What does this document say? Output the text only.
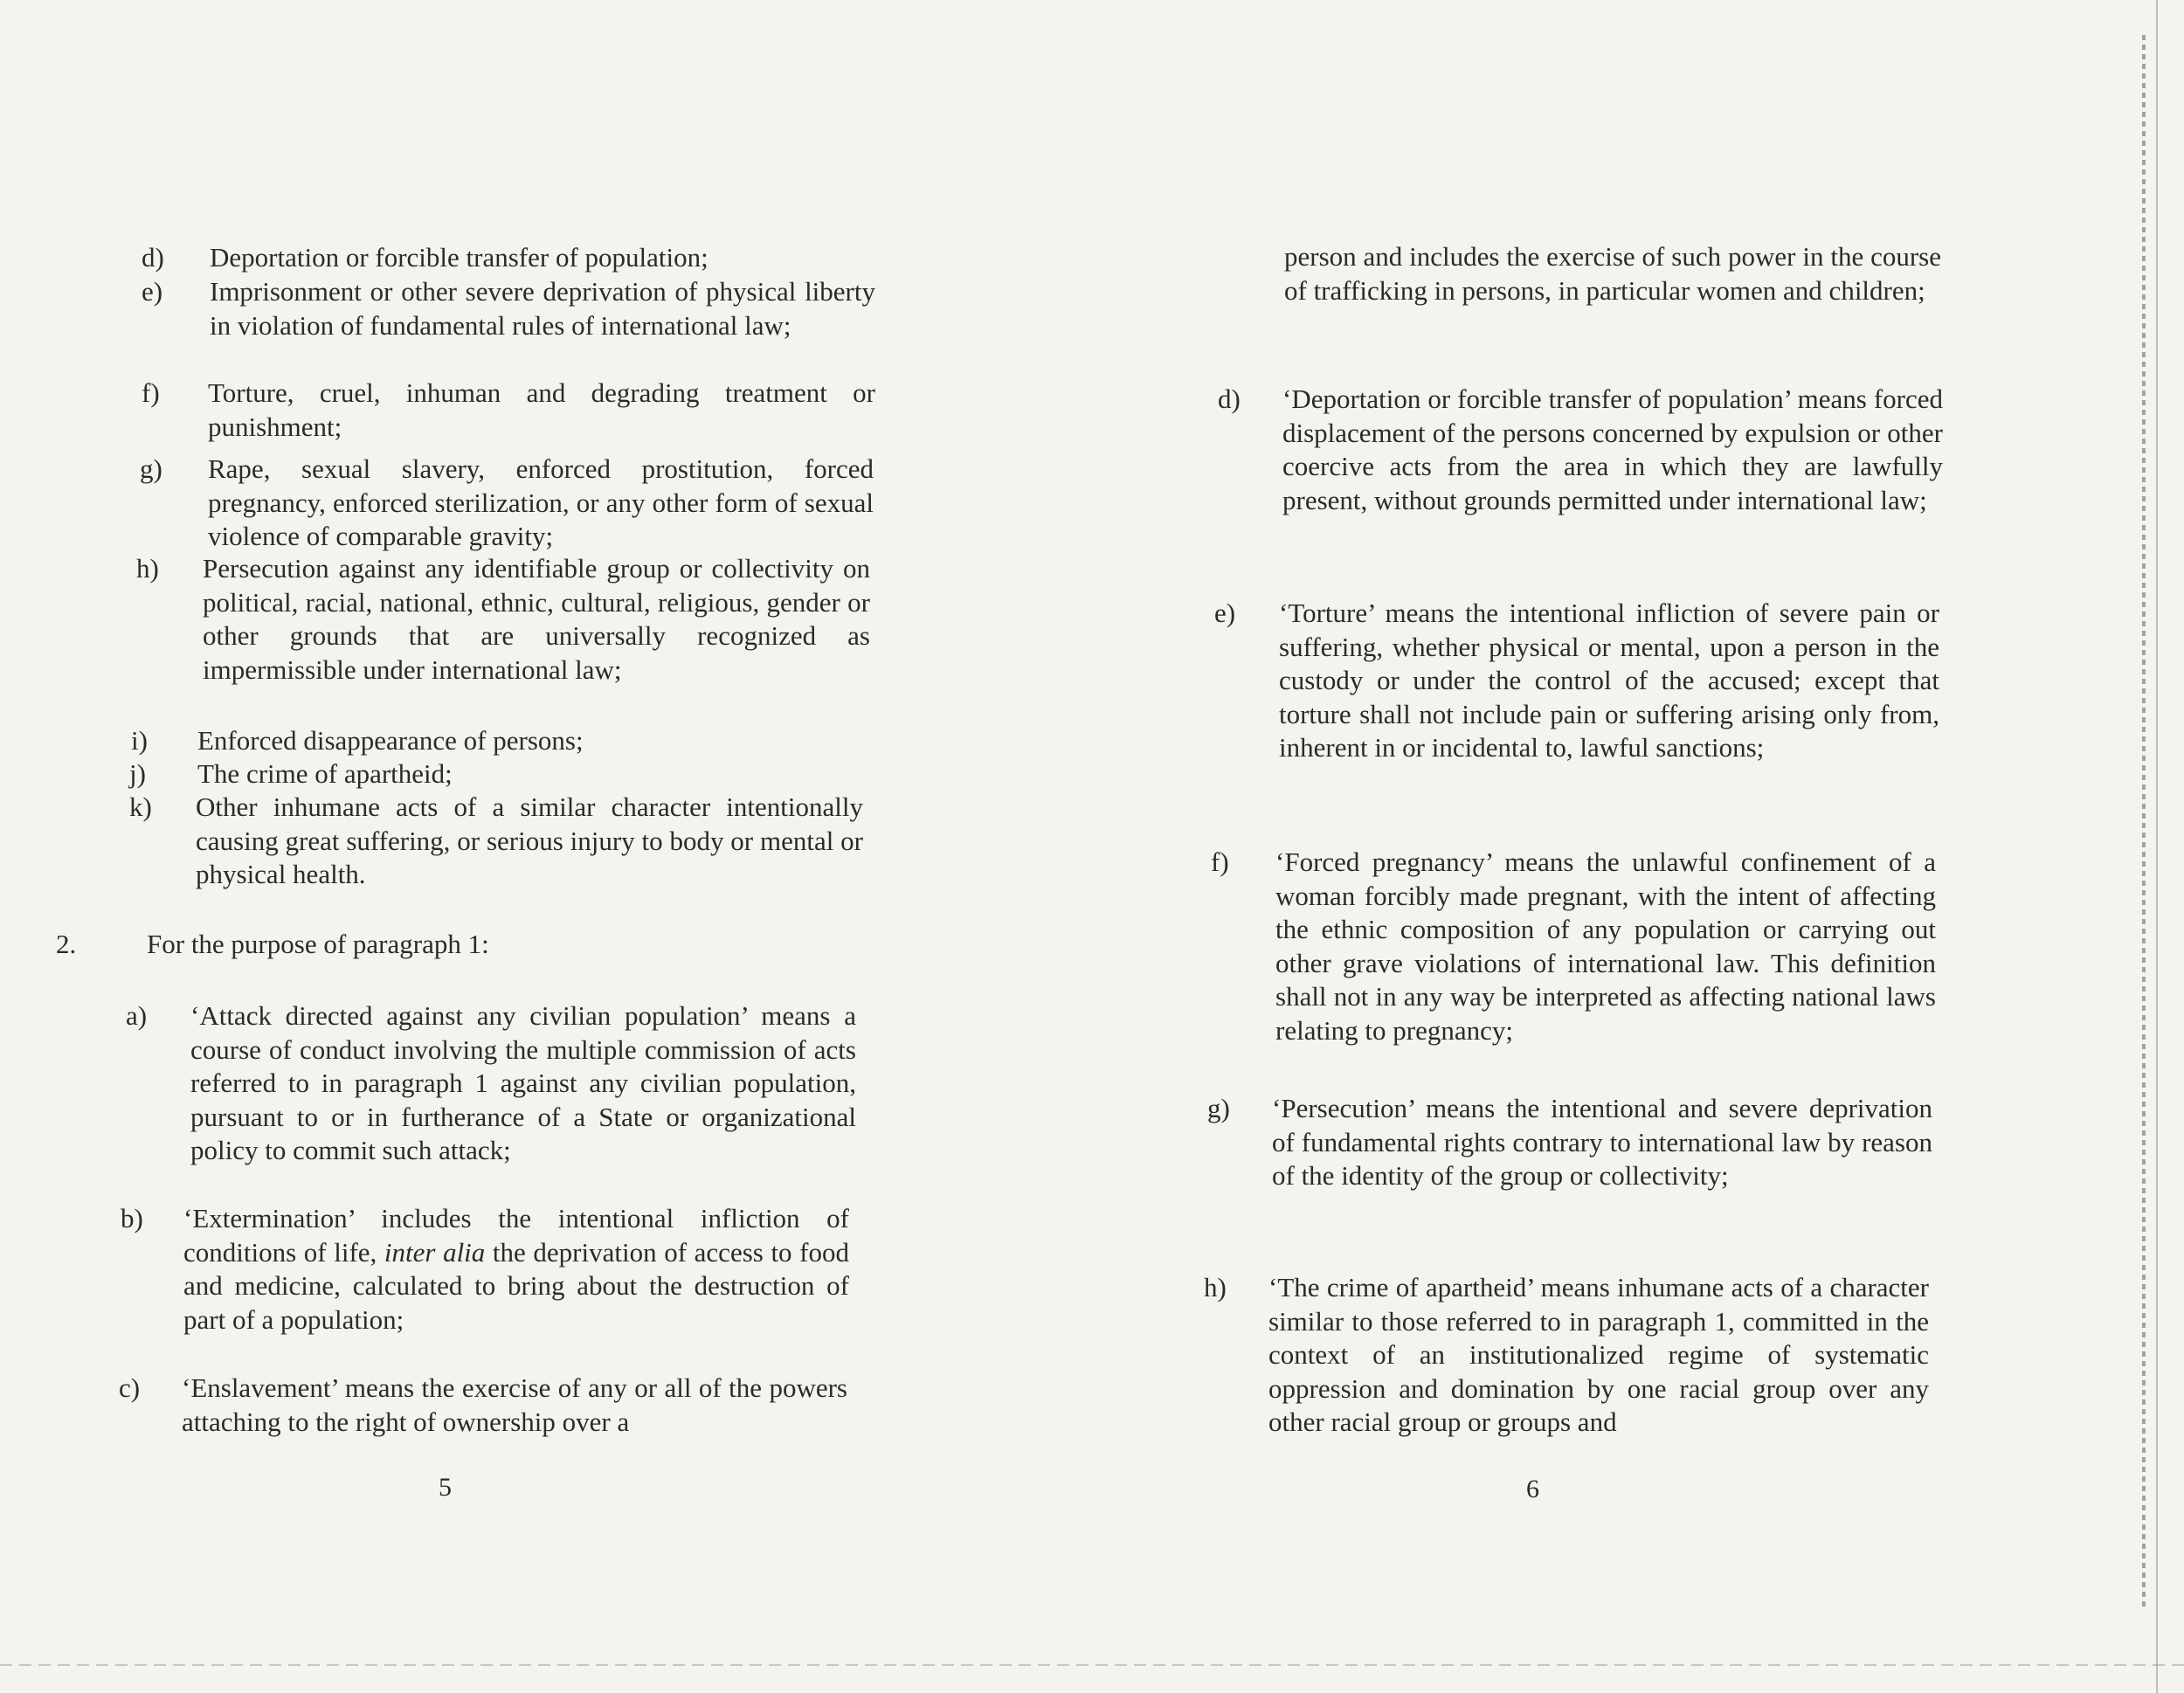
d) Deportation or forcible transfer of population;
e) Imprisonment or other severe deprivation of physical liberty in violation of fundamental rules of international law;
f) Torture, cruel, inhuman and degrading treatment or punishment;
g) Rape, sexual slavery, enforced prostitution, forced pregnancy, enforced sterilization, or any other form of sexual violence of comparable gravity;
h) Persecution against any identifiable group or collectivity on political, racial, national, ethnic, cultural, religious, gender or other grounds that are universally recognized as impermissible under international law;
i) Enforced disappearance of persons;
j) The crime of apartheid;
k) Other inhumane acts of a similar character intentionally causing great suffering, or serious injury to body or mental or physical health.
2.	For the purpose of paragraph 1:
a) ‘Attack directed against any civilian population’ means a course of conduct involving the multiple commission of acts referred to in paragraph 1 against any civilian population, pursuant to or in furtherance of a State or organizational policy to commit such attack;
b) ‘Extermination’ includes the intentional infliction of conditions of life, inter alia the deprivation of access to food and medicine, calculated to bring about the destruction of part of a population;
c) ‘Enslavement’ means the exercise of any or all of the powers attaching to the right of ownership over a
5
person and includes the exercise of such power in the course of trafficking in persons, in particular women and children;
d) ‘Deportation or forcible transfer of population’ means forced displacement of the persons concerned by expulsion or other coercive acts from the area in which they are lawfully present, without grounds permitted under international law;
e) ‘Torture’ means the intentional infliction of severe pain or suffering, whether physical or mental, upon a person in the custody or under the control of the accused; except that torture shall not include pain or suffering arising only from, inherent in or incidental to, lawful sanctions;
f) ‘Forced pregnancy’ means the unlawful confinement of a woman forcibly made pregnant, with the intent of affecting the ethnic composition of any population or carrying out other grave violations of international law. This definition shall not in any way be interpreted as affecting national laws relating to pregnancy;
g) ‘Persecution’ means the intentional and severe deprivation of fundamental rights contrary to international law by reason of the identity of the group or collectivity;
h) ‘The crime of apartheid’ means inhumane acts of a character similar to those referred to in paragraph 1, committed in the context of an institutionalized regime of systematic oppression and domination by one racial group over any other racial group or groups and
6
